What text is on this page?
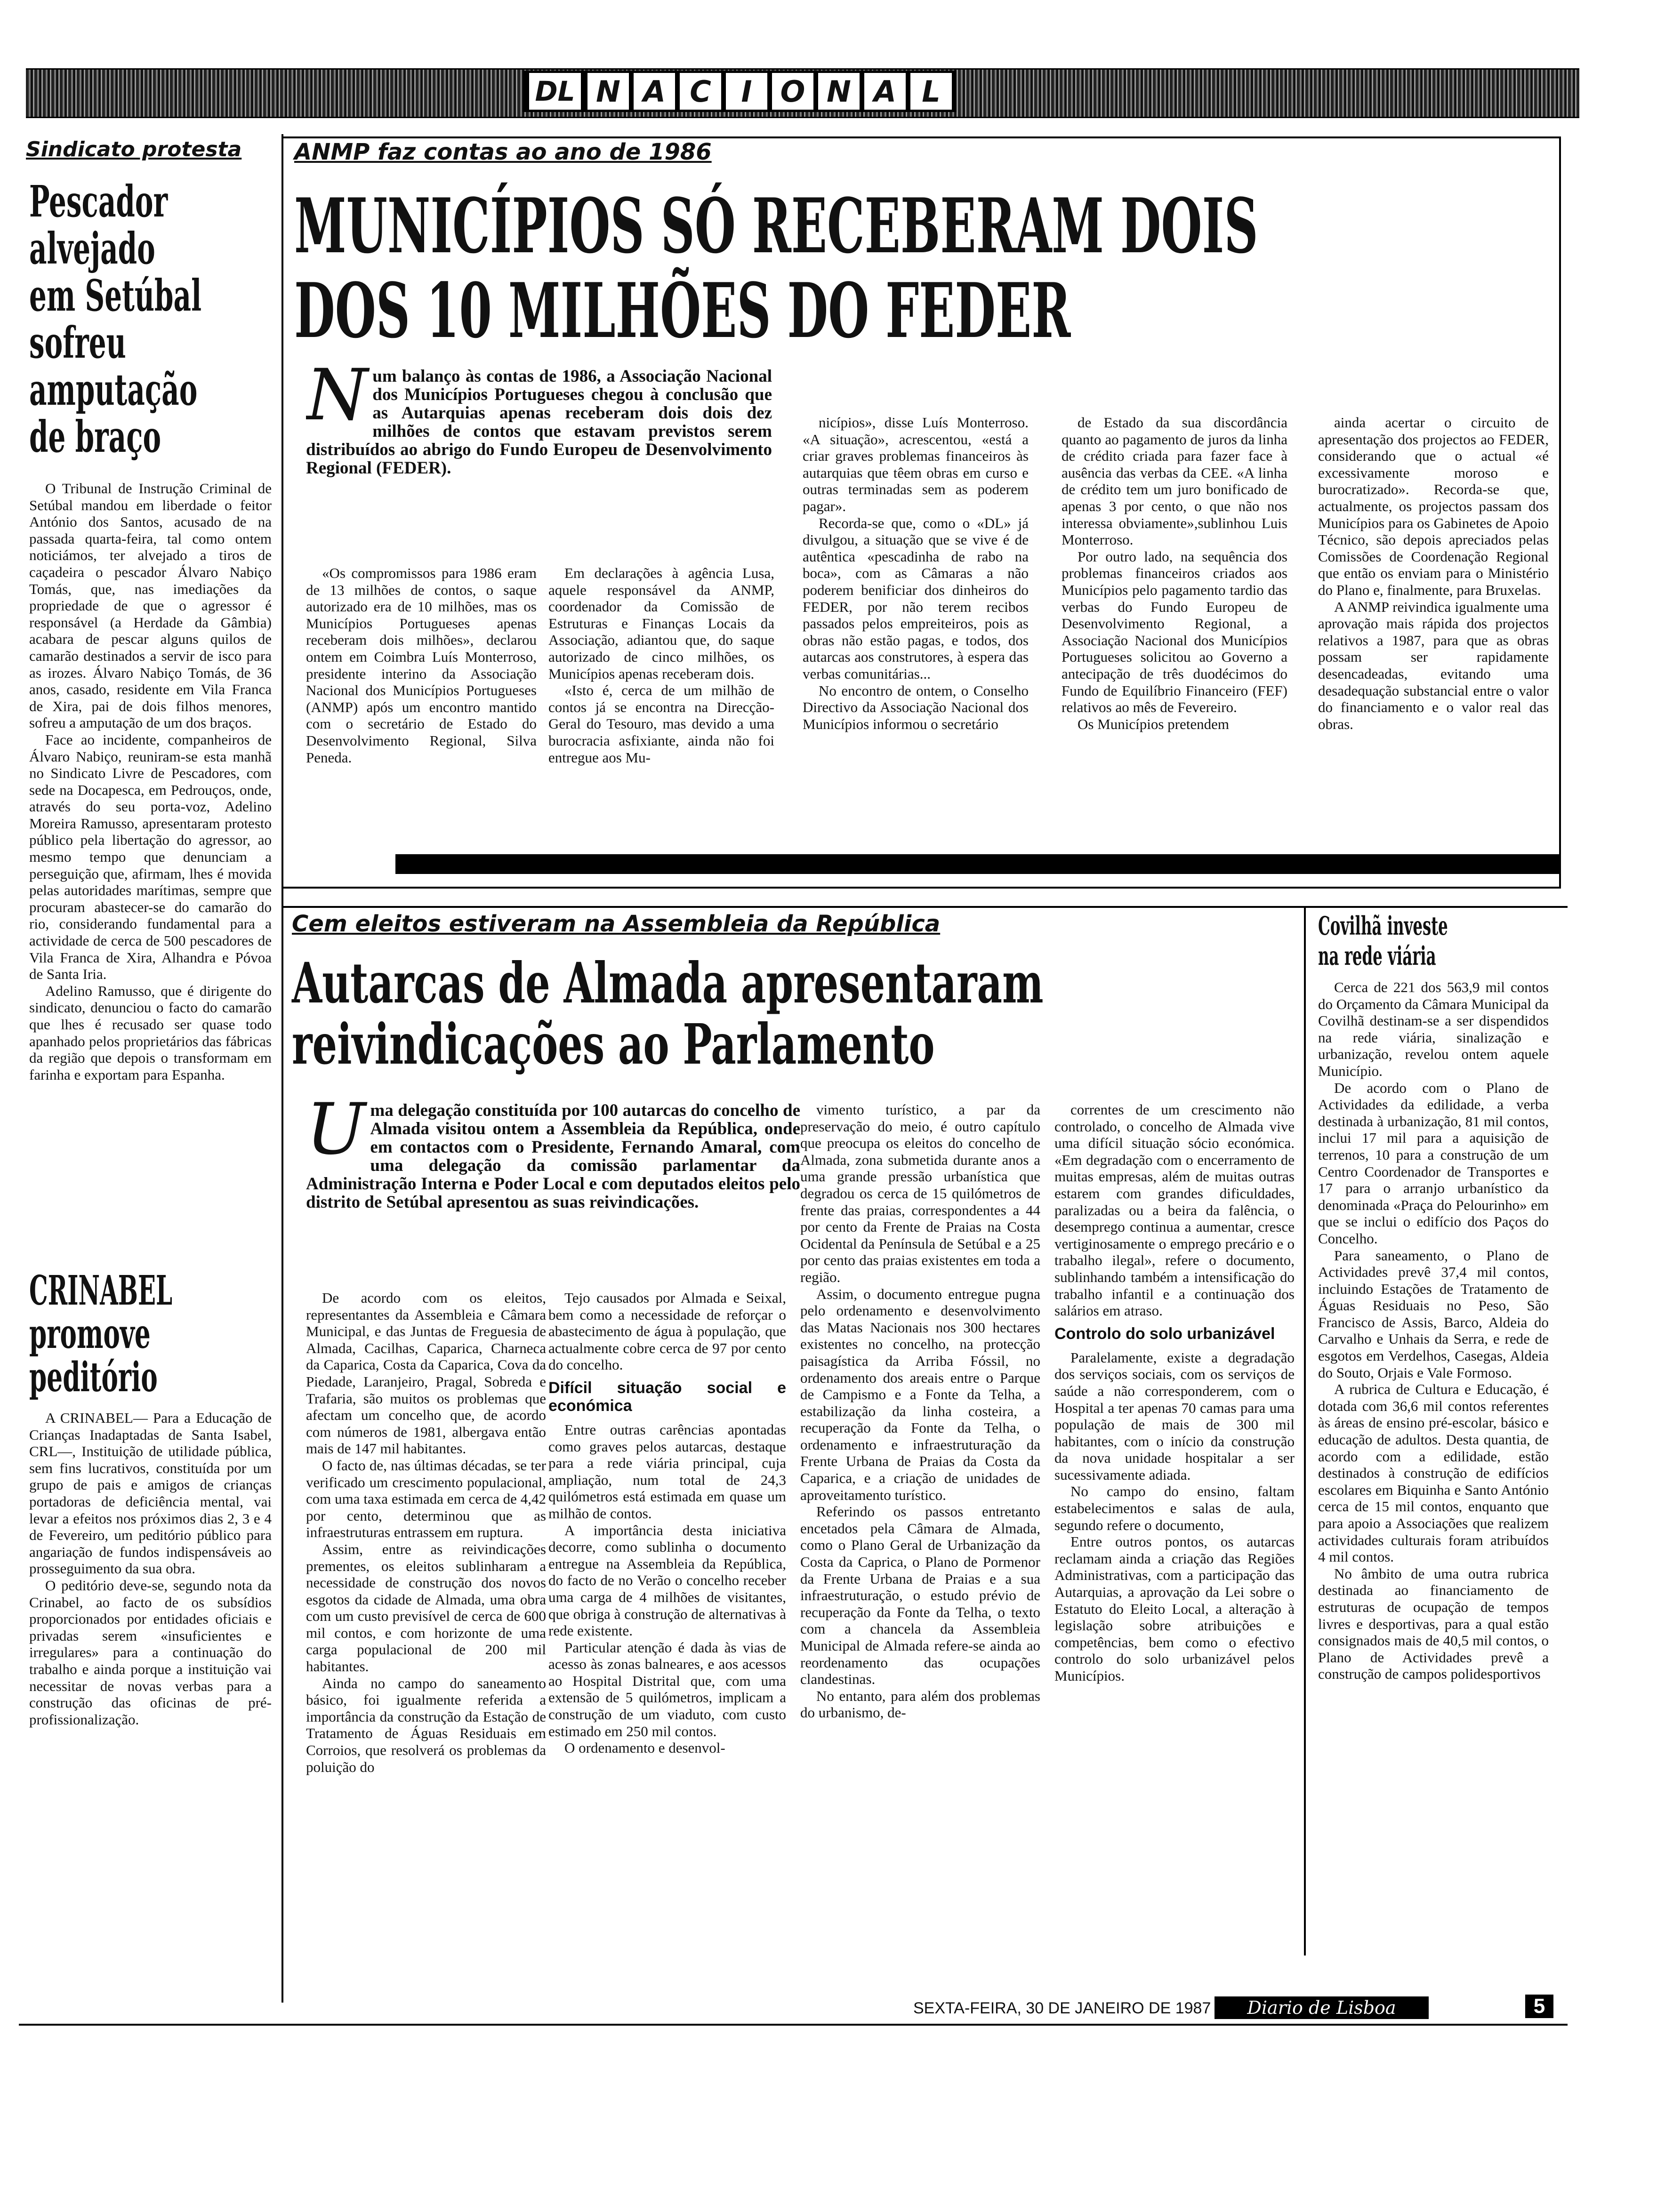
DL N A C	I O N A L
Sindicato protesta
Pescador
alvejado
em Setúbal
sofreu
amputação
de braço

O Tribunal de Instrução Criminal de Setúbal mandou em liberdade o feitor António dos Santos, acusado de na passada quarta-feira, tal como ontem noticiámos, ter alvejado a tiros de caçadeira o pescador Álvaro Nabiço Tomás, que, nas imediações da propriedade de que o agressor é responsável (a Herdade da Gâmbia) acabara de pescar alguns quilos de camarão destinados a servir de isco para as irozes. Álvaro Nabiço Tomás, de 36 anos, casado, residente em Vila Franca de Xira, pai de dois filhos menores, sofreu a amputação de um dos braços.

Face ao incidente, companheiros de Álvaro Nabiço, reuniram-se esta manhã no Sindicato Livre de Pescadores, com sede na Docapesca, em Pedrouços, onde, através do seu porta-voz, Adelino Moreira Ramusso, apresentaram protesto público pela libertação do agressor, ao mesmo tempo que denunciam a perseguição que, afirmam, lhes é movida pelas autoridades marítimas, sempre que procuram abastecer-se do camarão do rio, considerando fundamental para a actividade de cerca de 500 pescadores de Vila Franca de Xira, Alhandra e Póvoa de Santa Iria.

Adelino Ramusso, que é dirigente do sindicato, denunciou o facto do camarão que lhes é recusado ser quase todo apanhado pelos proprietários das fábricas da região que depois o transformam em farinha e exportam para Espanha.

CRINABEL
promove
peditório

A CRINABEL— Para a Educação de Crianças Inadaptadas de Santa Isabel, CRL—, Instituição de utilidade pública, sem fins lucrativos, constituída por um grupo de pais e amigos de crianças portadoras de deficiência mental, vai levar a efeitos nos próximos dias 2, 3 e 4 de Fevereiro, um peditório público para angariação de fundos indispensáveis ao prosseguimento da sua obra.

O peditório deve-se, segundo nota da Crinabel, ao facto de os subsídios proporcionados por entidades oficiais e privadas serem «insuficientes e irregulares» para a continuação do trabalho e ainda porque a instituição vai necessitar de novas verbas para a construção das oficinas de pré-profissionalização.

ANMP faz contas ao ano de 1986
MUNICÍPIOS SÓ RECEBERAM DOIS
DOS 10 MILHÕES DO FEDER
Num balanço às contas de 1986, a Associação Nacional dos Municípios Portugueses chegou à conclusão que as Autarquias apenas receberam dois dois dez milhões de contos que estavam previstos serem distribuídos ao abrigo do Fundo Europeu de Desenvolvimento Regional (FEDER).

«Os compromissos para 1986 eram de 13 milhões de contos, o saque autorizado era de 10 milhões, mas os Municípios Portugueses apenas receberam dois milhões», declarou ontem em Coimbra Luís Monterroso, presidente interino da Associação Nacional dos Municípios Portugueses (ANMP) após um encontro mantido com o secretário de Estado do Desenvolvimento Regional, Silva Peneda.

Em declarações à agência Lusa, aquele responsável da ANMP, coordenador da Comissão de Estruturas e Finanças Locais da Associação, adiantou que, do saque autorizado de cinco milhões, os Municípios apenas receberam dois.

«Isto é, cerca de um milhão de contos já se encontra na Direcção-Geral do Tesouro, mas devido a uma burocracia asfixiante, ainda não foi entregue aos Mu-

nicípios», disse Luís Monterroso. «A situação», acrescentou, «está a criar graves problemas financeiros às autarquias que têem obras em curso e outras terminadas sem as poderem pagar».

Recorda-se que, como o «DL» já divulgou, a situação que se vive é de autêntica «pescadinha de rabo na boca», com as Câmaras a não poderem benificiar dos dinheiros do FEDER, por não terem recibos passados pelos empreiteiros, pois as obras não estão pagas, e todos, dos autarcas aos construtores, à espera das verbas comunitárias...

No encontro de ontem, o Conselho Directivo da Associação Nacional dos Municípios informou o secretário

de Estado da sua discordância quanto ao pagamento de juros da linha de crédito criada para fazer face à ausência das verbas da CEE. «A linha de crédito tem um juro bonificado de apenas 3 por cento, o que não nos interessa obviamente»,sublinhou Luis Monterroso.

Por outro lado, na sequência dos problemas financeiros criados aos Municípios pelo pagamento tardio das verbas do Fundo Europeu de Desenvolvimento Regional, a Associação Nacional dos Municípios Portugueses solicitou ao Governo a antecipação de três duodécimos do Fundo de Equilíbrio Financeiro (FEF) relativos ao mês de Fevereiro.

Os Municípios pretendem

ainda acertar o circuito de apresentação dos projectos ao FEDER, considerando que o actual «é excessivamente moroso e burocratizado». Recorda-se que, actualmente, os projectos passam dos Municípios para os Gabinetes de Apoio Técnico, são depois apreciados pelas Comissões de Coordenação Regional que então os enviam para o Ministério do Plano e, finalmente, para Bruxelas.

A ANMP reivindica igualmente uma aprovação mais rápida dos projectos relativos a 1987, para que as obras possam ser rapidamente desencadeadas, evitando uma desadequação substancial entre o valor do financiamento e o valor real das obras.

Cem eleitos estiveram na Assembleia da República
Autarcas de Almada apresentaram
reivindicações ao Parlamento
Uma delegação constituída por 100 autarcas do concelho de Almada visitou ontem a Assembleia da República, onde em contactos com o Presidente, Fernando Amaral, com uma delegação da comissão parlamentar da Administração Interna e Poder Local e com deputados eleitos pelo distrito de Setúbal apresentou as suas reivindicações.

De acordo com os eleitos, representantes da Assembleia e Câmara Municipal, e das Juntas de Freguesia de Almada, Cacilhas, Caparica, Charneca da Caparica, Costa da Caparica, Cova da Piedade, Laranjeiro, Pragal, Sobreda e Trafaria, são muitos os problemas que afectam um concelho que, de acordo com números de 1981, albergava então mais de 147 mil habitantes.

O facto de, nas últimas décadas, se ter verificado um crescimento populacional, com uma taxa estimada em cerca de 4,42 por cento, determinou que as infraestruturas entrassem em ruptura.

Assim, entre as reivindicações prementes, os eleitos sublinharam a necessidade de construção dos novos esgotos da cidade de Almada, uma obra com um custo previsível de cerca de 600 mil contos, e com horizonte de uma carga populacional de 200 mil habitantes.

Ainda no campo do saneamento básico, foi igualmente referida a importância da construção da Estação de Tratamento de Águas Residuais em Corroios, que resolverá os problemas da poluição do

Tejo causados por Almada e Seixal, bem como a necessidade de reforçar o abastecimento de água à população, que actualmente cobre cerca de 97 por cento do concelho.

Difícil situação social e económica

Entre outras carências apontadas como graves pelos autarcas, destaque para a rede viária principal, cuja ampliação, num total de 24,3 quilómetros está estimada em quase um milhão de contos.

A importância desta iniciativa decorre, como sublinha o documento entregue na Assembleia da República, do facto de no Verão o concelho receber uma carga de 4 milhões de visitantes, que obriga à construção de alternativas à rede existente.

Particular atenção é dada às vias de acesso às zonas balneares, e aos acessos ao Hospital Distrital que, com uma extensão de 5 quilómetros, implicam a construção de um viaduto, com custo estimado em 250 mil contos.

O ordenamento e desenvol-

vimento turístico, a par da preservação do meio, é outro capítulo que preocupa os eleitos do concelho de Almada, zona submetida durante anos a uma grande pressão urbanística que degradou os cerca de 15 quilómetros de frente das praias, correspondentes a 44 por cento da Frente de Praias na Costa Ocidental da Península de Setúbal e a 25 por cento das praias existentes em toda a região.

Assim, o documento entregue pugna pelo ordenamento e desenvolvimento das Matas Nacionais nos 300 hectares existentes no concelho, na protecção paisagística da Arriba Fóssil, no ordenamento dos areais entre o Parque de Campismo e a Fonte da Telha, a estabilização da linha costeira, a recuperação da Fonte da Telha, o ordenamento e infraestruturação da Frente Urbana de Praias da Costa da Caparica, e a criação de unidades de aproveitamento turístico.

Referindo os passos entretanto encetados pela Câmara de Almada, como o Plano Geral de Urbanização da Costa da Caprica, o Plano de Pormenor da Frente Urbana de Praias e a sua infraestruturação, o estudo prévio de recuperação da Fonte da Telha, o texto com a chancela da Assembleia Municipal de Almada refere-se ainda ao reordenamento das ocupações clandestinas.

No entanto, para além dos problemas do urbanismo, de-

correntes de um crescimento não controlado, o concelho de Almada vive uma difícil situação sócio económica. «Em degradação com o encerramento de muitas empresas, além de muitas outras estarem com grandes dificuldades, paralizadas ou a beira da falência, o desemprego continua a aumentar, cresce vertiginosamente o emprego precário e o trabalho ilegal», refere o documento, sublinhando também a intensificação do trabalho infantil e a continuação dos salários em atraso.

Controlo do solo urbanizável

Paralelamente, existe a degradação dos serviços sociais, com os serviços de saúde a não corresponderem, com o Hospital a ter apenas 70 camas para uma população de mais de 300 mil habitantes, com o início da construção da nova unidade hospitalar a ser sucessivamente adiada.

No campo do ensino, faltam estabelecimentos e salas de aula, segundo refere o documento,

Entre outros pontos, os autarcas reclamam ainda a criação das Regiões Administrativas, com a participação das Autarquias, a aprovação da Lei sobre o Estatuto do Eleito Local, a alteração à legislação sobre atribuições e competências, bem como o efectivo controlo do solo urbanizável pelos Municípios.

Covilhã investe
na rede viária

Cerca de 221 dos 563,9 mil contos do Orçamento da Câmara Municipal da Covilhã destinam-se a ser dispendidos na rede viária, sinalização e urbanização, revelou ontem aquele Município.

De acordo com o Plano de Actividades da edilidade, a verba destinada à urbanização, 81 mil contos, inclui 17 mil para a aquisição de terrenos, 10 para a construção de um Centro Coordenador de Transportes e 17 para o arranjo urbanístico da denominada «Praça do Pelourinho» em que se inclui o edifício dos Paços do Concelho.

Para saneamento, o Plano de Actividades prevê 37,4 mil contos, incluindo Estações de Tratamento de Águas Residuais no Peso, São Francisco de Assis, Barco, Aldeia do Carvalho e Unhais da Serra, e rede de esgotos em Verdelhos, Casegas, Aldeia do Souto, Orjais e Vale Formoso.

A rubrica de Cultura e Educação, é dotada com 36,6 mil contos referentes às áreas de ensino pré-escolar, básico e educação de adultos. Desta quantia, de acordo com a edilidade, estão destinados à construção de edifícios escolares em Biquinha e Santo António cerca de 15 mil contos, enquanto que para apoio a Associações que realizem actividades culturais foram atribuídos 4 mil contos.

No âmbito de uma outra rubrica destinada ao financiamento de estruturas de ocupação de tempos livres e desportivas, para a qual estão consignados mais de 40,5 mil contos, o Plano de Actividades prevê a construção de campos polidesportivos

SEXTA-FEIRA, 30 DE JANEIRO DE 1987	Diario de Lisboa	5
